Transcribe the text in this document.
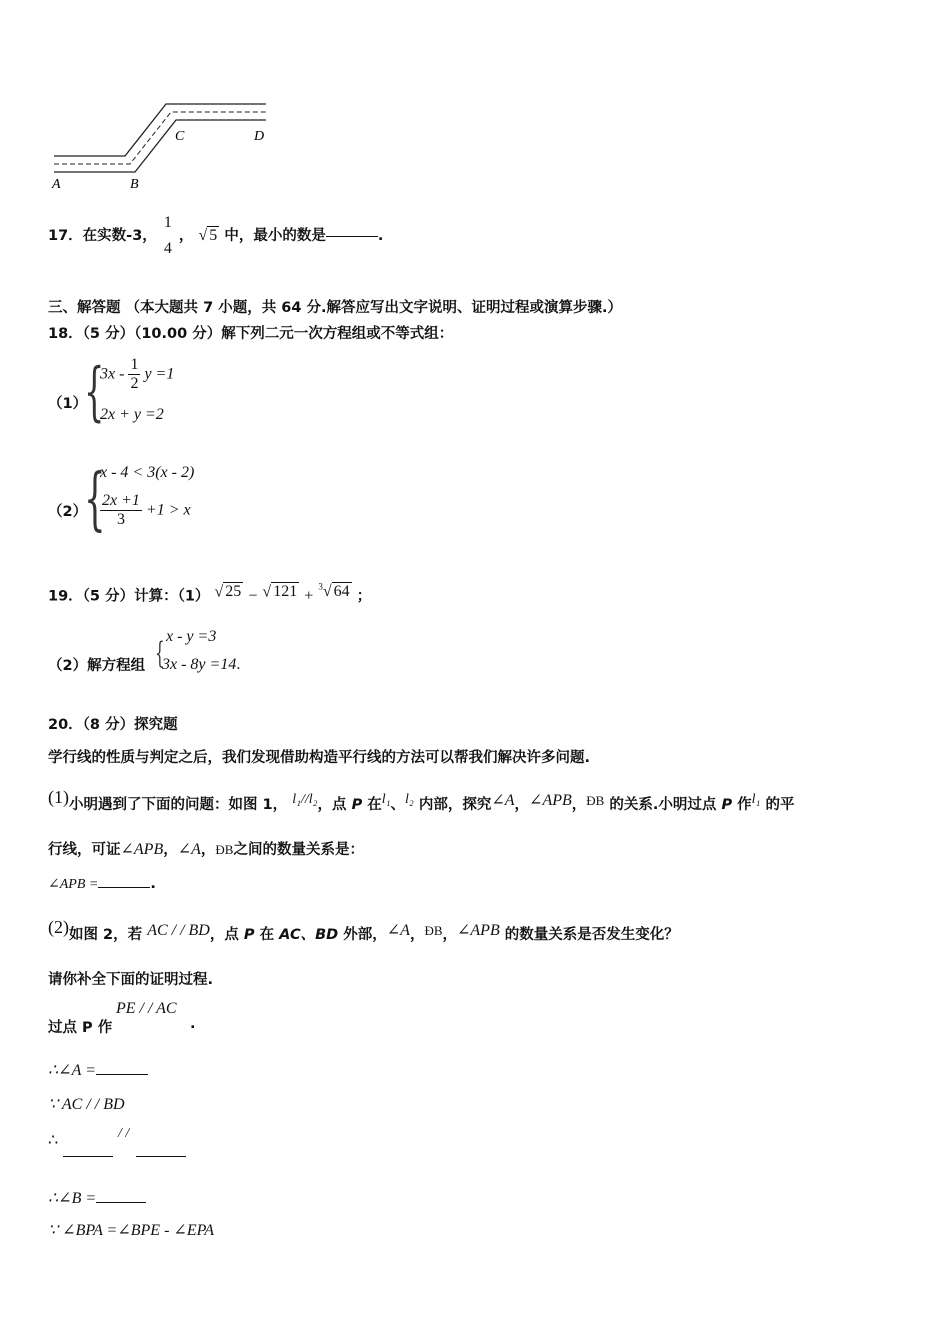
A	B
C	D
17．在实数-3，
1
4
， √ 5 中，最小的数是	.
三、解答题 （本大题共 7 小题，共 64 分.解答应写出文字说明、证明过程或演算步骤.）
18．（5 分）（10.00 分）解下列二元一次方程组或不等式组：
（1）
{
$3x - \frac{1}{2}$ y =1
2x + y =2
（2）
{
x - 4 < 3(x - 2)
$\frac{2x +1}{3} +1 > x$
19．（5 分）计算：（1） √ 25 − √ 121 + $^3$√ 64 ；
（2）解方程组 { x - y =3
3x - 8y =14.
20．（8 分）探究题
学行线的性质与判定之后，我们发现借助构造平行线的方法可以帮我们解决许多问题.
(1)小明遇到了下面的问题：如图 1， l₁//l₂，点 P 在l₁、l₂ 内部，探究∠A，∠APB，ÐB 的关系.小明过点 P 作l₁ 的平
行线，可证∠APB，∠A，ÐB之间的数量关系是：
∠APB =	.
(2)如图 2，若 AC / / BD，点 P 在 AC、BD 外部，∠A，ÐB，∠APB 的数量关系是否发生变化？
请你补全下面的证明过程.
过点 P 作
PE / / AC
.
∴∠A =
∵ AC / / BD
∴	/ /
∴∠B =
∵ ∠BPA =∠BPE - ∠EPA
